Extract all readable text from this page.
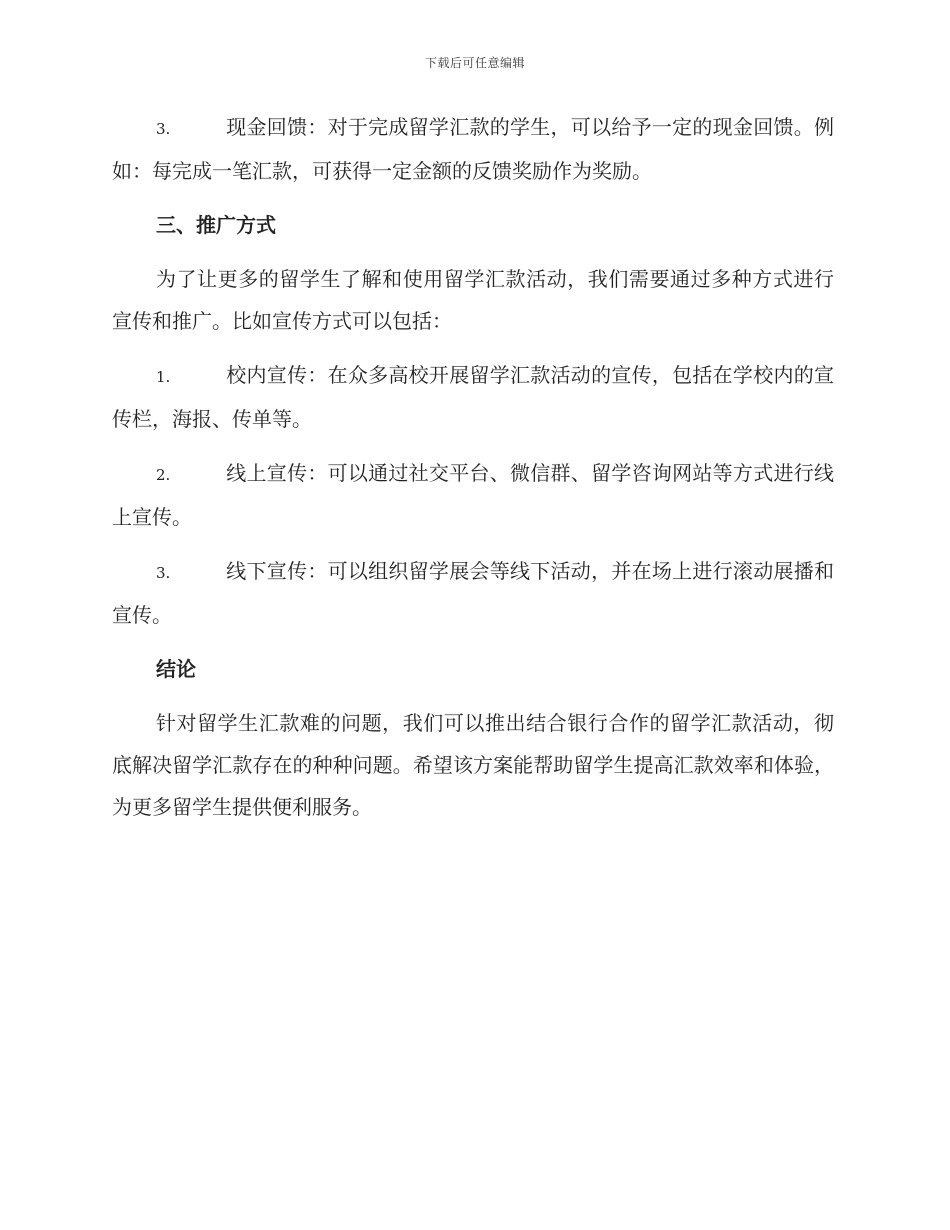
下载后可任意编辑

3.	现金回馈：对于完成留学汇款的学生，可以给予一定的现金回馈。例如：每完成一笔汇款，可获得一定金额的反馈奖励作为奖励。

三、推广方式

为了让更多的留学生了解和使用留学汇款活动，我们需要通过多种方式进行宣传和推广。比如宣传方式可以包括：

1.	校内宣传：在众多高校开展留学汇款活动的宣传，包括在学校内的宣传栏，海报、传单等。

2.	线上宣传：可以通过社交平台、微信群、留学咨询网站等方式进行线上宣传。

3.	线下宣传：可以组织留学展会等线下活动，并在场上进行滚动展播和宣传。

结论

针对留学生汇款难的问题，我们可以推出结合银行合作的留学汇款活动，彻底解决留学汇款存在的种种问题。希望该方案能帮助留学生提高汇款效率和体验，为更多留学生提供便利服务。
